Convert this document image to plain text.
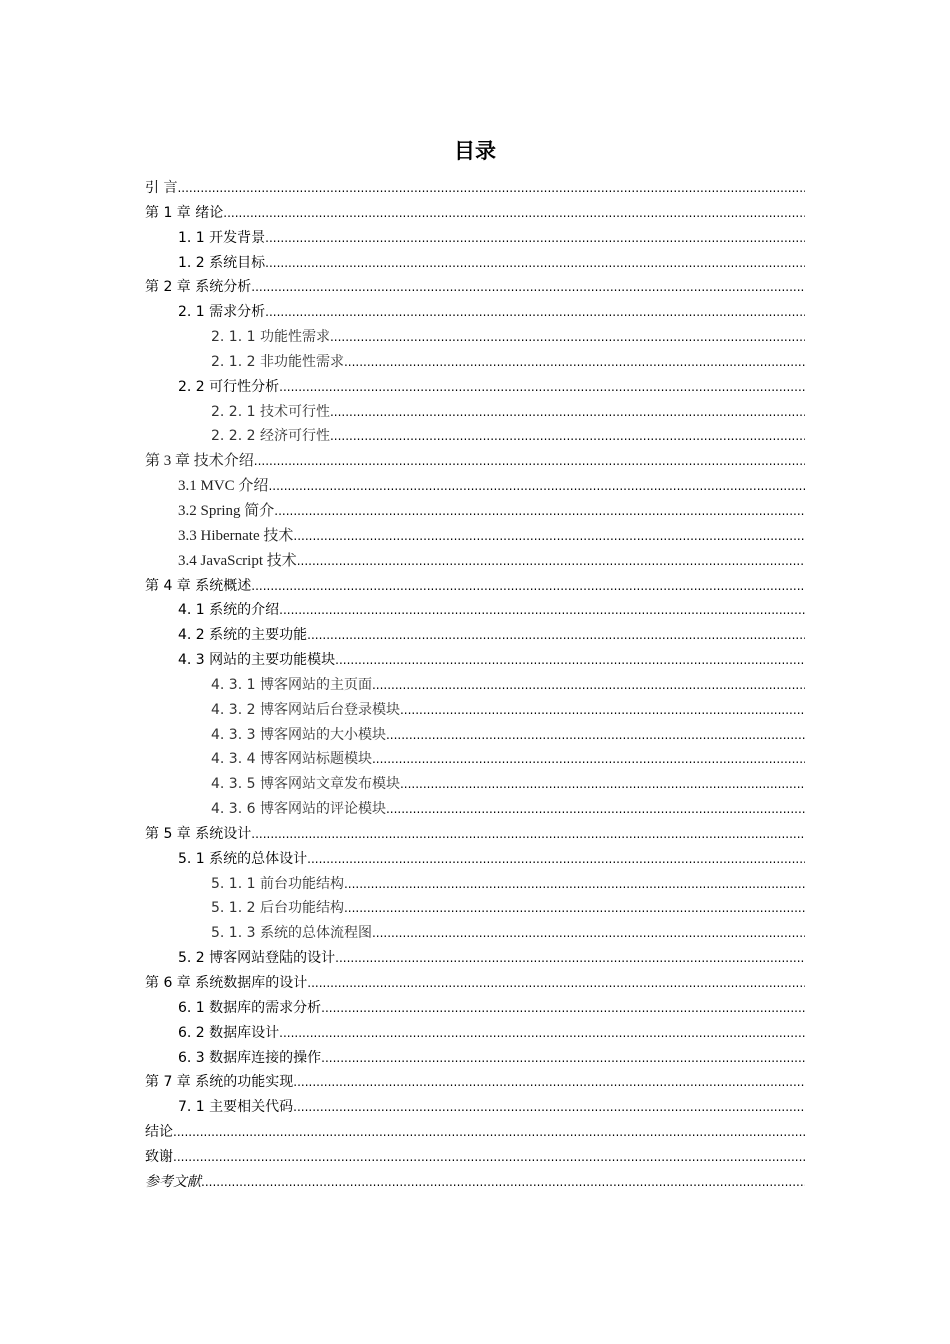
目录
引 言
.....
第 1 章 绪论
.....
1. 1 开发背景
.....
1. 2 系统目标
.....
第 2 章 系统分析
.....
2. 1 需求分析
.....
2. 1. 1 功能性需求
.....
2. 1. 2 非功能性需求
.....
2. 2 可行性分析
.....
2. 2. 1 技术可行性
.....
2. 2. 2 经济可行性
.....
第 3 章 技术介绍
.....
3.1 MVC 介绍
.....
3.2 Spring 简介
.....
3.3 Hibernate 技术
.....
3.4 JavaScript 技术
.....
第 4 章 系统概述
.....
4. 1 系统的介绍
.....
4. 2 系统的主要功能
.....
4. 3 网站的主要功能模块
.....
4. 3. 1 博客网站的主页面
.....
4. 3. 2 博客网站后台登录模块
.....
4. 3. 3 博客网站的大小模块
.....
4. 3. 4 博客网站标题模块
.....
4. 3. 5 博客网站文章发布模块
.....
4. 3. 6 博客网站的评论模块
.....
第 5 章 系统设计
.....
5. 1 系统的总体设计
.....
5. 1. 1 前台功能结构
.....
5. 1. 2 后台功能结构
.....
5. 1. 3 系统的总体流程图
.....
5. 2 博客网站登陆的设计
.....
第 6 章 系统数据库的设计
.....
6. 1 数据库的需求分析
.....
6. 2 数据库设计
.....
6. 3 数据库连接的操作
.....
第 7 章 系统的功能实现
.....
7. 1 主要相关代码
.....
结论
.....
致谢
.....
参考文献
.....
